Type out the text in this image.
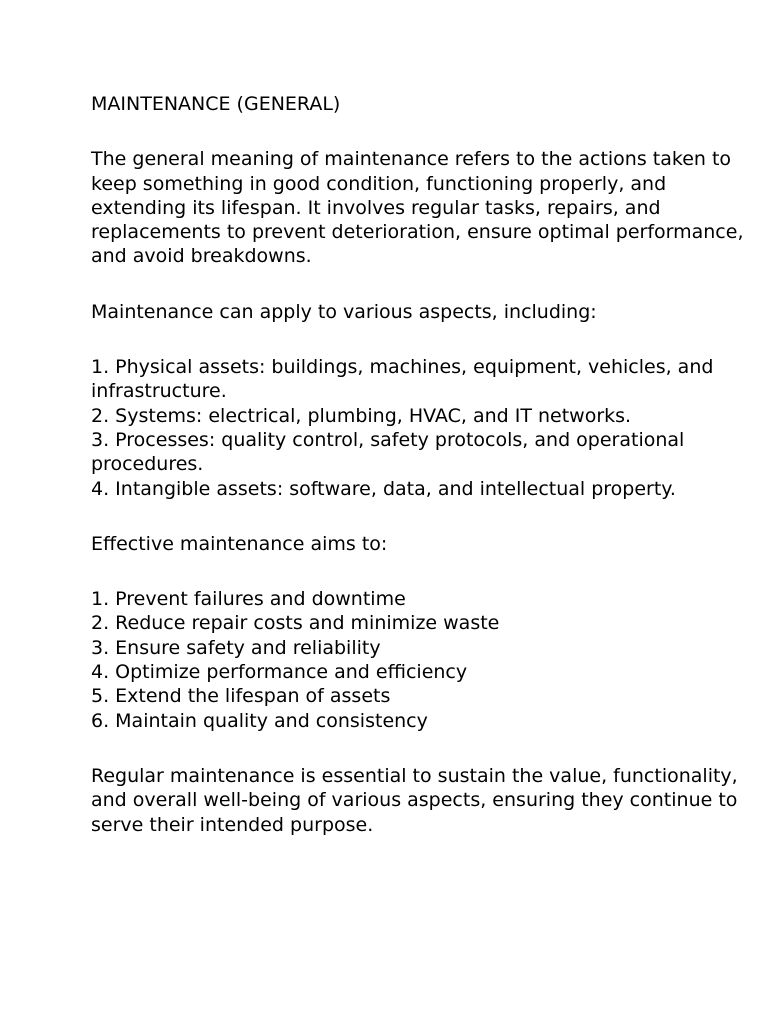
MAINTENANCE (GENERAL)

The general meaning of maintenance refers to the actions taken to keep something in good condition, functioning properly, and extending its lifespan. It involves regular tasks, repairs, and replacements to prevent deterioration, ensure optimal performance, and avoid breakdowns.

Maintenance can apply to various aspects, including:

1. Physical assets: buildings, machines, equipment, vehicles, and infrastructure.
2. Systems: electrical, plumbing, HVAC, and IT networks.
3. Processes: quality control, safety protocols, and operational procedures.
4. Intangible assets: software, data, and intellectual property.

Effective maintenance aims to:

1. Prevent failures and downtime
2. Reduce repair costs and minimize waste
3. Ensure safety and reliability
4. Optimize performance and efficiency
5. Extend the lifespan of assets
6. Maintain quality and consistency

Regular maintenance is essential to sustain the value, functionality, and overall well-being of various aspects, ensuring they continue to serve their intended purpose.
